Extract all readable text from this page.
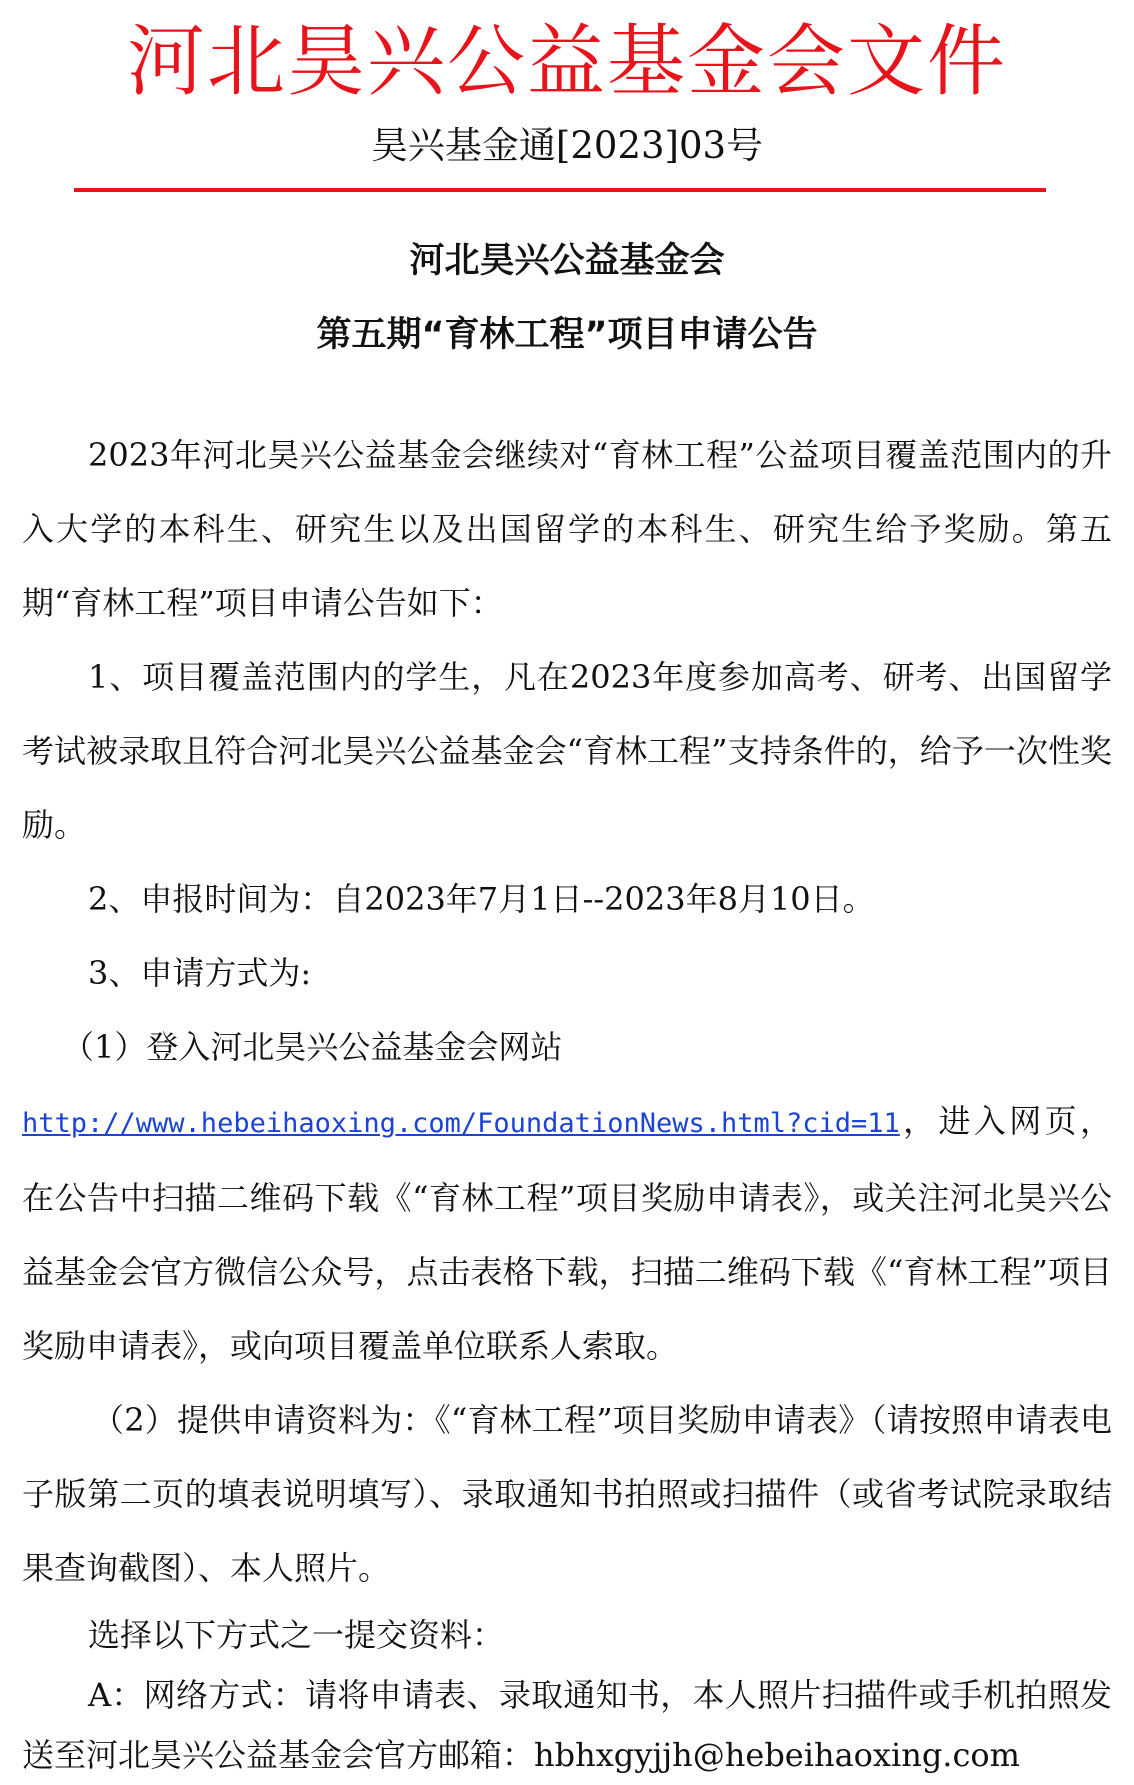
河北昊兴公益基金会文件
昊兴基金通[2023]03号
河北昊兴公益基金会
第五期“育林工程”项目申请公告

2023年河北昊兴公益基金会继续对“育林工程”公益项目覆盖范围内的升入大学的本科生、研究生以及出国留学的本科生、研究生给予奖励。第五期“育林工程”项目申请公告如下：

1、项目覆盖范围内的学生，凡在2023年度参加高考、研考、出国留学考试被录取且符合河北昊兴公益基金会“育林工程”支持条件的，给予一次性奖励。

2、申报时间为：自2023年7月1日--2023年8月10日。

3、申请方式为:

（1）登入河北昊兴公益基金会网站

http://www.hebeihaoxing.com/FoundationNews.html?cid=11，进入网页，在公告中扫描二维码下载《“育林工程”项目奖励申请表》，或关注河北昊兴公益基金会官方微信公众号，点击表格下载，扫描二维码下载《“育林工程”项目奖励申请表》，或向项目覆盖单位联系人索取。

（2）提供申请资料为：《“育林工程”项目奖励申请表》（请按照申请表电子版第二页的填表说明填写）、录取通知书拍照或扫描件（或省考试院录取结果查询截图）、本人照片。

选择以下方式之一提交资料：

A：网络方式：请将申请表、录取通知书，本人照片扫描件或手机拍照发送至河北昊兴公益基金会官方邮箱：hbhxgyjjh@hebeihaoxing.com
